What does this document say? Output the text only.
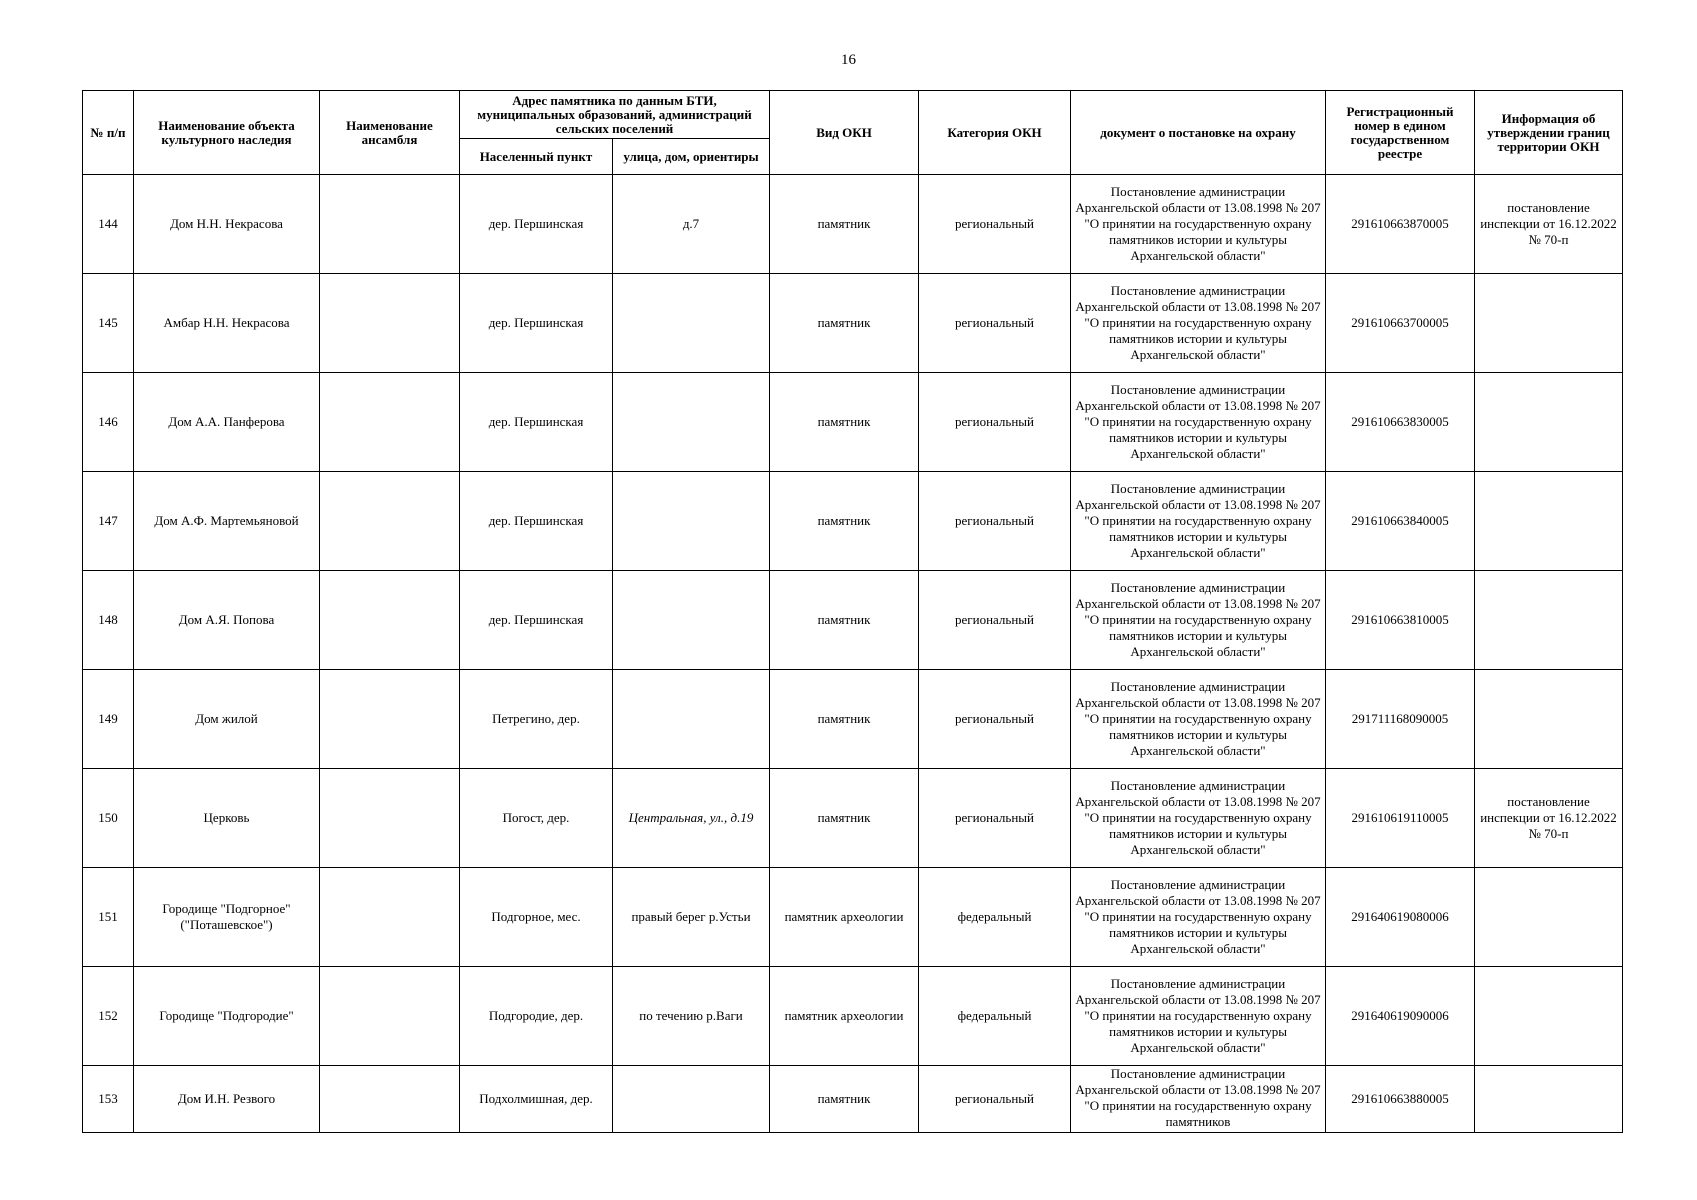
16
№ п/п	Наименование объекта культурного наследия	Наименование ансамбля	Адрес памятника по данным БТИ, муниципальных образований, администраций сельских поселений		Вид ОКН	Категория ОКН	документ о постановке на охрану	Регистрационный номер в едином государственном реестре	Информация об утверждении границ территории ОКН
			Населенный пункт	улица, дом, ориентиры					
144	Дом Н.Н. Некрасова		дер. Першинская	д.7	памятник	региональный	Постановление администрации Архангельской области от 13.08.1998 № 207 "О принятии на государственную охрану памятников истории и культуры Архангельской области"	291610663870005	постановление инспекции от 16.12.2022 № 70-п
145	Амбар Н.Н. Некрасова		дер. Першинская		памятник	региональный	Постановление администрации Архангельской области от 13.08.1998 № 207 "О принятии на государственную охрану памятников истории и культуры Архангельской области"	291610663700005	
146	Дом А.А. Панферова		дер. Першинская		памятник	региональный	Постановление администрации Архангельской области от 13.08.1998 № 207 "О принятии на государственную охрану памятников истории и культуры Архангельской области"	291610663830005	
147	Дом А.Ф. Мартемьяновой		дер. Першинская		памятник	региональный	Постановление администрации Архангельской области от 13.08.1998 № 207 "О принятии на государственную охрану памятников истории и культуры Архангельской области"	291610663840005	
148	Дом А.Я. Попова		дер. Першинская		памятник	региональный	Постановление администрации Архангельской области от 13.08.1998 № 207 "О принятии на государственную охрану памятников истории и культуры Архангельской области"	291610663810005	
149	Дом жилой		Петрегино, дер.		памятник	региональный	Постановление администрации Архангельской области от 13.08.1998 № 207 "О принятии на государственную охрану памятников истории и культуры Архангельской области"	291711168090005	
150	Церковь		Погост, дер.	Центральная, ул., д.19	памятник	региональный	Постановление администрации Архангельской области от 13.08.1998 № 207 "О принятии на государственную охрану памятников истории и культуры Архангельской области"	291610619110005	постановление инспекции от 16.12.2022 № 70-п
151	Городище "Подгорное" ("Поташевское")		Подгорное, мес.	правый берег р.Устьи	памятник археологии	федеральный	Постановление администрации Архангельской области от 13.08.1998 № 207 "О принятии на государственную охрану памятников истории и культуры Архангельской области"	291640619080006	
152	Городище "Подгородие"		Подгородие, дер.	по течению р.Ваги	памятник археологии	федеральный	Постановление администрации Архангельской области от 13.08.1998 № 207 "О принятии на государственную охрану памятников истории и культуры Архангельской области"	291640619090006	
153	Дом И.Н. Резвого		Подхолмишная, дер.		памятник	региональный	Постановление администрации Архангельской области от 13.08.1998 № 207 "О принятии на государственную охрану памятников	291610663880005	
